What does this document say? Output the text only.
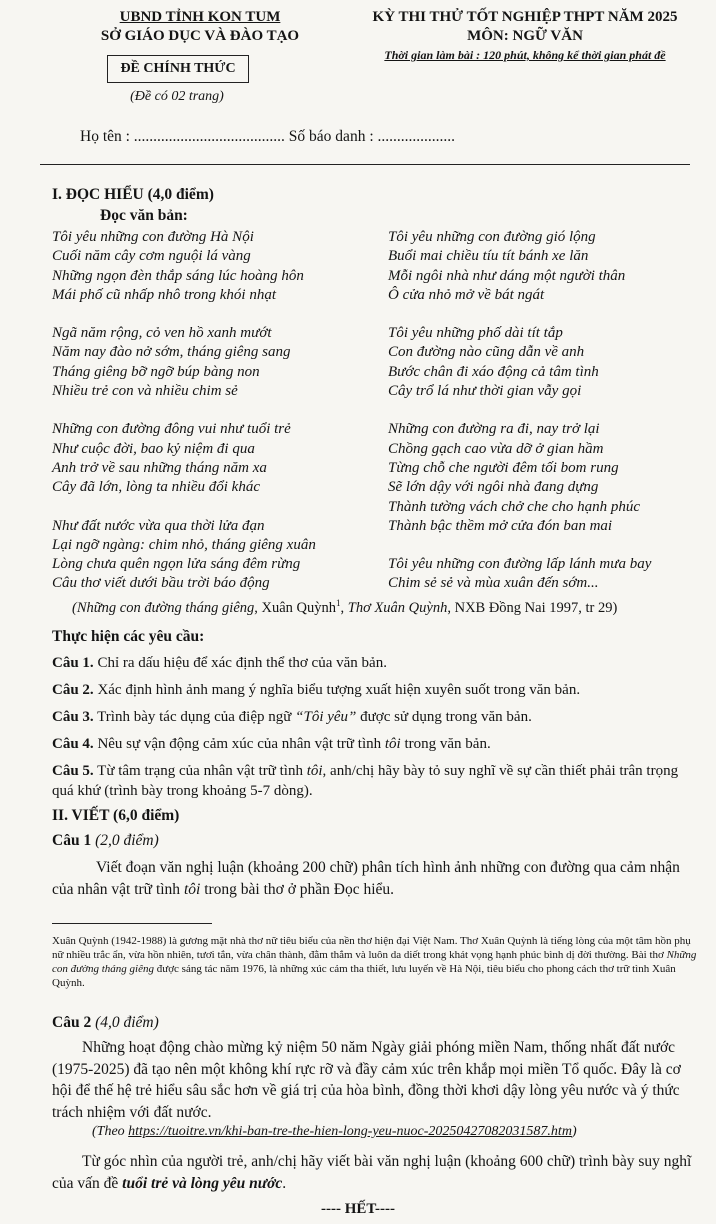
UBND TỈNH KON TUM
SỞ GIÁO DỤC VÀ ĐÀO TẠO
ĐỀ CHÍNH THỨC
(Đề có 02 trang)
KỲ THI THỬ TỐT NGHIỆP THPT NĂM 2025
MÔN: NGỮ VĂN
Thời gian làm bài : 120 phút, không kể thời gian phát đề
Họ tên : ....................................... Số báo danh : ....................
I. ĐỌC HIỂU (4,0 điểm)
Đọc văn bản:
Tôi yêu những con đường Hà Nội
Cuối năm cây cơm nguội lá vàng
Những ngọn đèn thắp sáng lúc hoàng hôn
Mái phố cũ nhấp nhô trong khói nhạt
Ngã năm rộng, cỏ ven hồ xanh mướt
Năm nay đào nở sớm, tháng giêng sang
Tháng giêng bỡ ngỡ búp bàng non
Nhiều trẻ con và nhiều chim sẻ
Những con đường đông vui như tuổi trẻ
Như cuộc đời, bao kỷ niệm đi qua
Anh trở về sau những tháng năm xa
Cây đã lớn, lòng ta nhiều đổi khác
Như đất nước vừa qua thời lửa đạn
Lại ngỡ ngàng: chim nhỏ, tháng giêng xuân
Lòng chưa quên ngọn lửa sáng đêm rừng
Câu thơ viết dưới bầu trời báo động
Tôi yêu những con đường gió lộng
Buổi mai chiều tíu tít bánh xe lăn
Mỗi ngôi nhà như dáng một người thân
Ô cửa nhỏ mở về bát ngát
Tôi yêu những phố dài tít tắp
Con đường nào cũng dẫn về anh
Bước chân đi xáo động cả tâm tình
Cây trổ lá như thời gian vẫy gọi
Những con đường ra đi, nay trở lại
Chồng gạch cao vừa dỡ ở gian hầm
Từng chỗ che người đêm tối bom rung
Sẽ lớn dậy với ngôi nhà đang dựng
Thành tường vách chở che cho hạnh phúc
Thành bậc thềm mở cửa đón ban mai
Tôi yêu những con đường lấp lánh mưa bay
Chim sẻ sẻ và mùa xuân đến sớm...
(Những con đường tháng giêng, Xuân Quỳnh$^1$, Thơ Xuân Quỳnh, NXB Đồng Nai 1997, tr 29)
Thực hiện các yêu cầu:
Câu 1. Chỉ ra dấu hiệu để xác định thể thơ của văn bản.
Câu 2. Xác định hình ảnh mang ý nghĩa biểu tượng xuất hiện xuyên suốt trong văn bản.
Câu 3. Trình bày tác dụng của điệp ngữ “Tôi yêu” được sử dụng trong văn bản.
Câu 4. Nêu sự vận động cảm xúc của nhân vật trữ tình tôi trong văn bản.
Câu 5. Từ tâm trạng của nhân vật trữ tình tôi, anh/chị hãy bày tỏ suy nghĩ về sự cần thiết phải trân trọng quá khứ (trình bày trong khoảng 5-7 dòng).
II. VIẾT (6,0 điểm)
Câu 1 (2,0 điểm)
Viết đoạn văn nghị luận (khoảng 200 chữ) phân tích hình ảnh những con đường qua cảm nhận của nhân vật trữ tình tôi trong bài thơ ở phần Đọc hiểu.
Xuân Quỳnh (1942-1988) là gương mặt nhà thơ nữ tiêu biểu của nền thơ hiện đại Việt Nam. Thơ Xuân Quỳnh là tiếng lòng của một tâm hồn phụ nữ nhiều trắc ẩn, vừa hồn nhiên, tươi tắn, vừa chân thành, đằm thắm và luôn da diết trong khát vọng hạnh phúc bình dị đời thường. Bài thơ Những con đường tháng giêng được sáng tác năm 1976, là những xúc cảm tha thiết, lưu luyến về Hà Nội, tiêu biểu cho phong cách thơ trữ tình Xuân Quỳnh.
Câu 2 (4,0 điểm)
Những hoạt động chào mừng kỷ niệm 50 năm Ngày giải phóng miền Nam, thống nhất đất nước (1975-2025) đã tạo nên một không khí rực rỡ và đầy cảm xúc trên khắp mọi miền Tổ quốc. Đây là cơ hội để thế hệ trẻ hiểu sâu sắc hơn về giá trị của hòa bình, đồng thời khơi dậy lòng yêu nước và ý thức trách nhiệm với đất nước.
(Theo https://tuoitre.vn/khi-ban-tre-the-hien-long-yeu-nuoc-20250427082031587.htm)
Từ góc nhìn của người trẻ, anh/chị hãy viết bài văn nghị luận (khoảng 600 chữ) trình bày suy nghĩ của vấn đề tuổi trẻ và lòng yêu nước.
---- HẾT----
